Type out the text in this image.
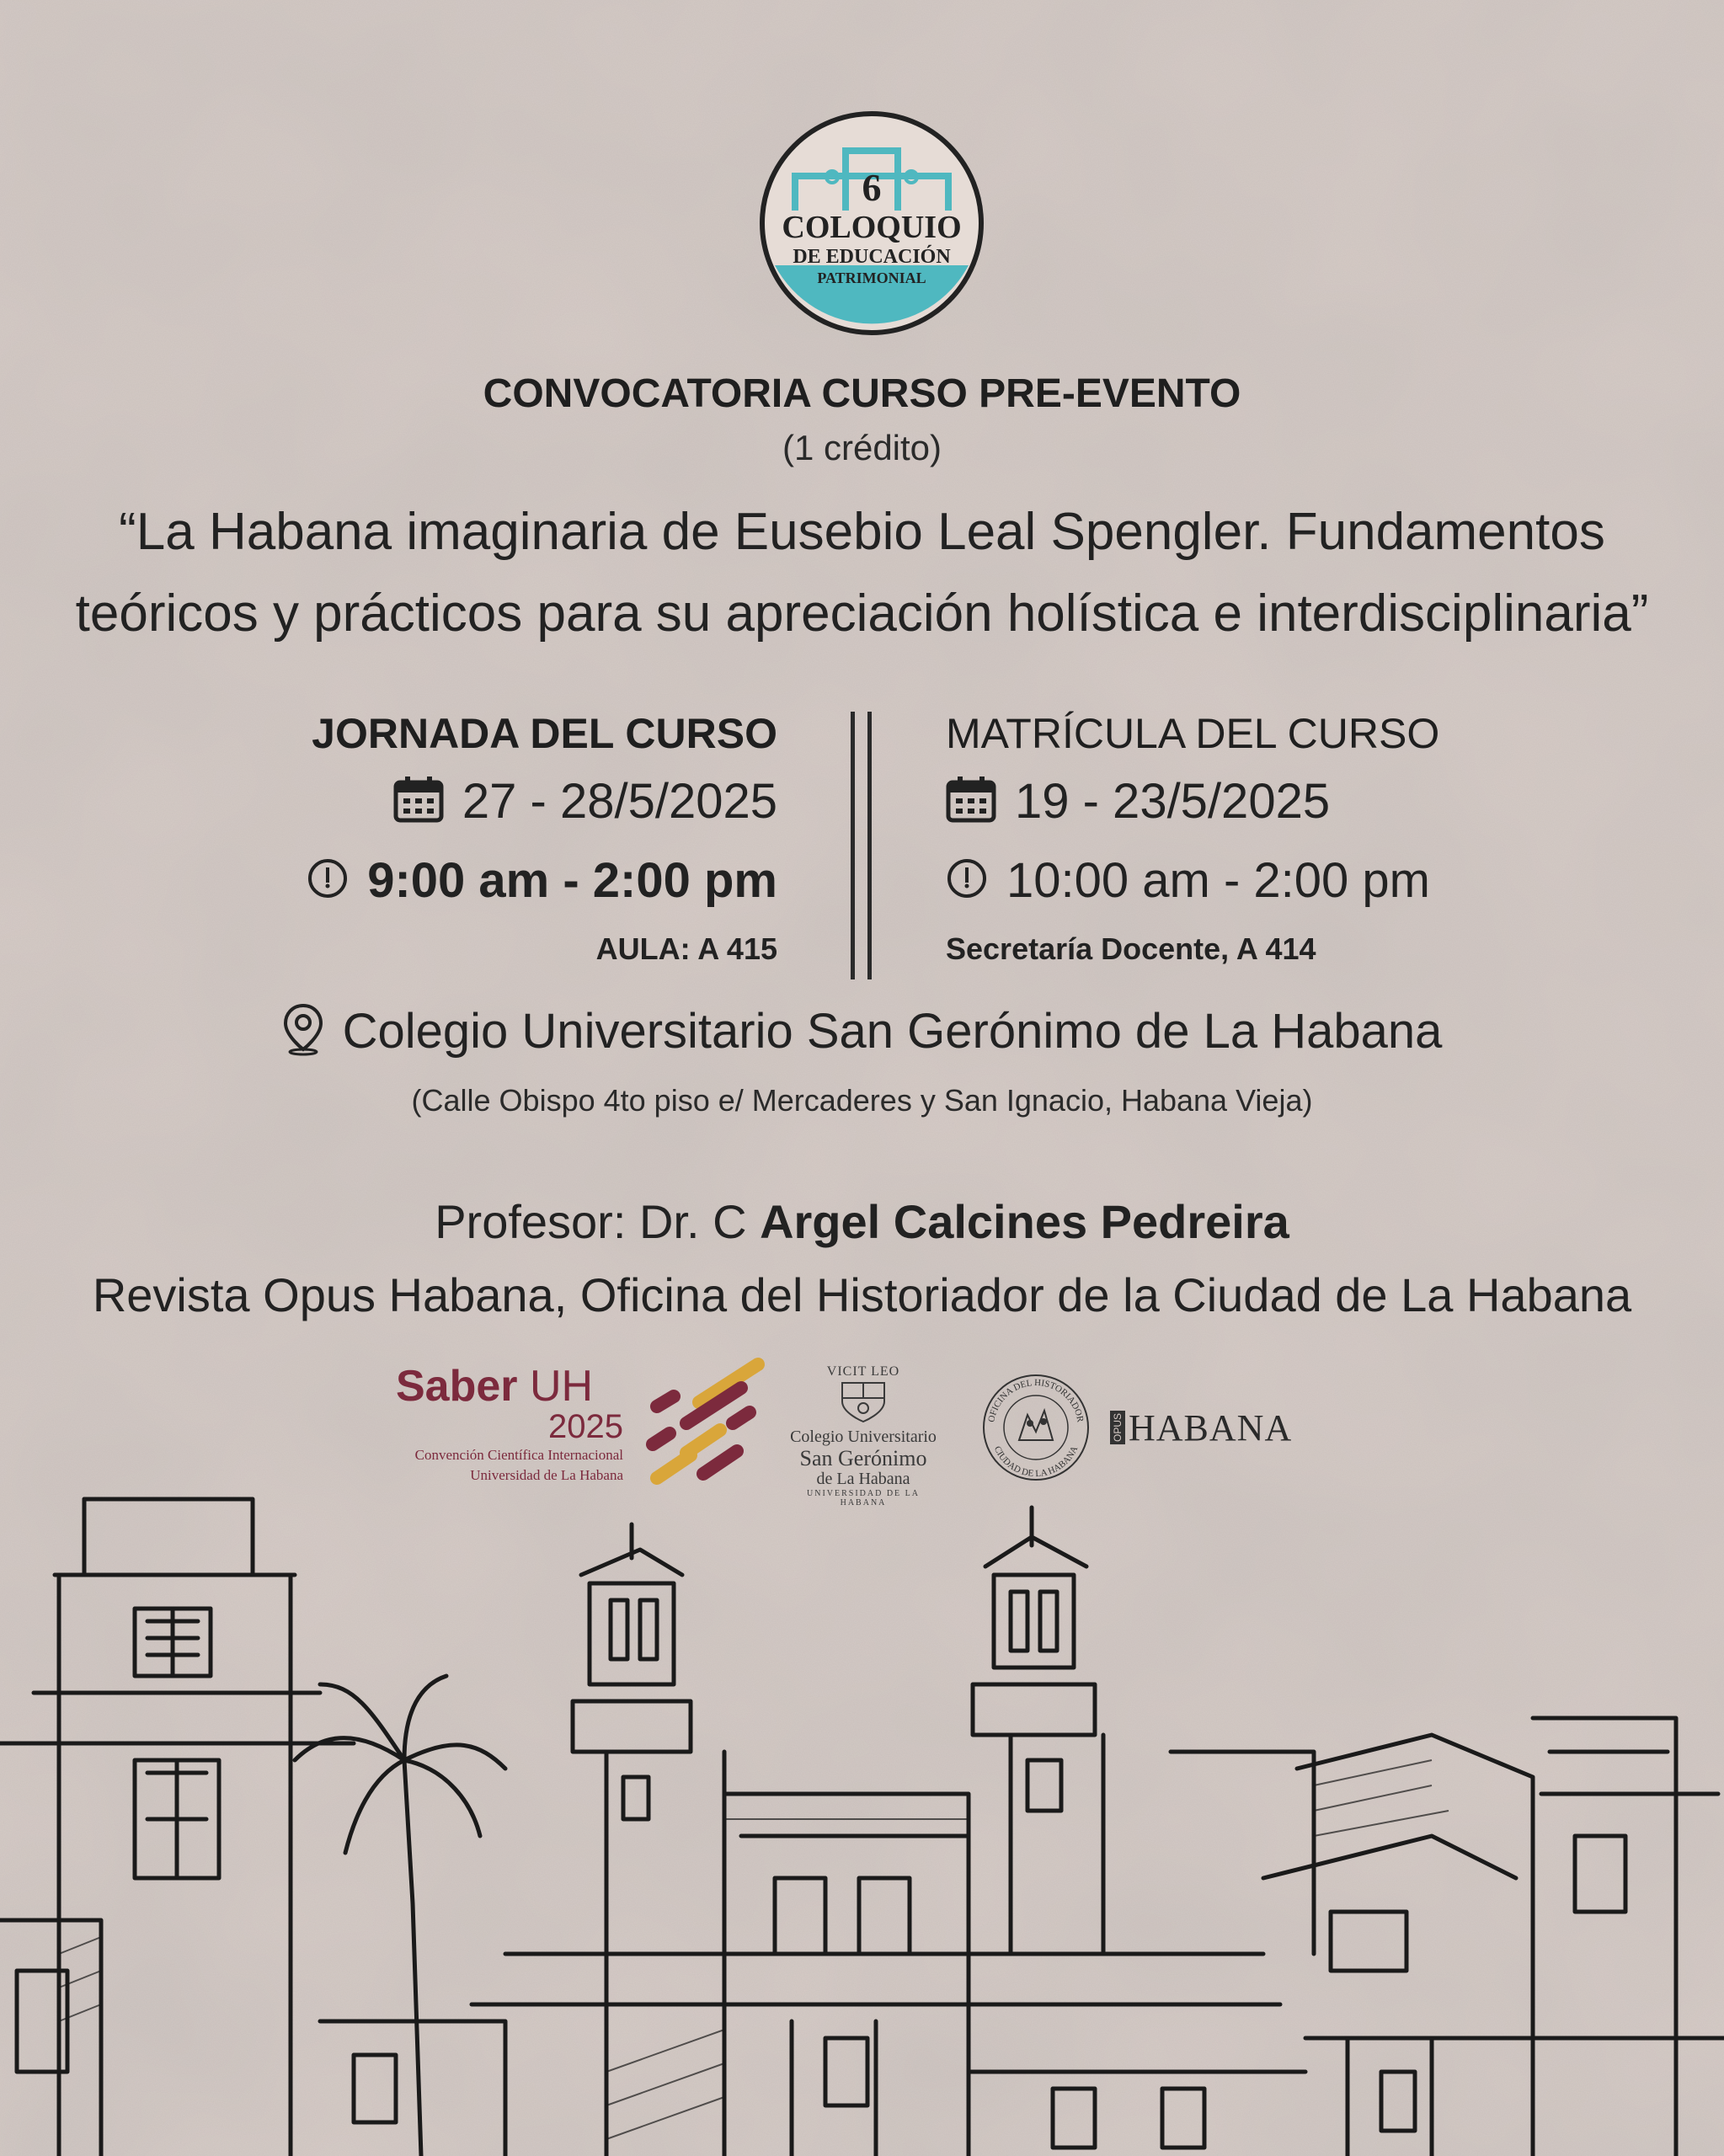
6
COLOQUIO
DE EDUCACIÓN
PATRIMONIAL
CONVOCATORIA CURSO PRE-EVENTO
(1 crédito)
“La Habana imaginaria de Eusebio Leal Spengler. Fundamentos
teóricos y prácticos para su apreciación holística e interdisciplinaria”
JORNADA DEL CURSO
27 - 28/5/2025
9:00 am - 2:00 pm
AULA: A 415
MATRÍCULA DEL CURSO
19 - 23/5/2025
10:00 am - 2:00 pm
Secretaría Docente, A 414
Colegio Universitario San Gerónimo de La Habana
(Calle Obispo 4to piso e/ Mercaderes y San Ignacio, Habana Vieja)
Profesor: Dr. C Argel Calcines Pedreira
Revista Opus Habana, Oficina del Historiador de la Ciudad de La Habana
Saber UH
2025
Convención Científica Internacional
Universidad de La Habana
VICIT LEO
Colegio Universitario
San Gerónimo
de La Habana
UNIVERSIDAD DE LA HABANA
OFICINA DEL HISTORIADOR
CIUDAD DE LA HABANA
OPUS HABANA
